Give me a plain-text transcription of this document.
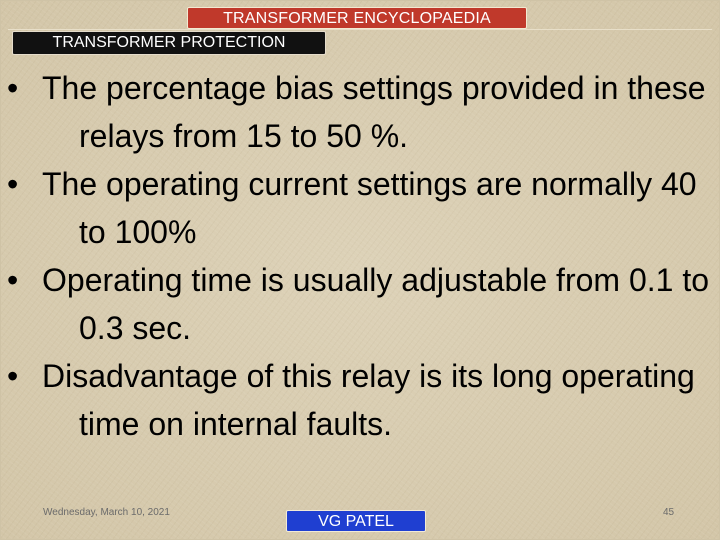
TRANSFORMER ENCYCLOPAEDIA
TRANSFORMER PROTECTION
• The percentage bias settings provided in these relays from 15 to 50 %.
• The operating current settings are normally 40 to 100%
• Operating time is usually adjustable from 0.1 to 0.3 sec.
• Disadvantage of this relay is its long operating time on internal faults.
Wednesday, March 10, 2021
VG PATEL
45
